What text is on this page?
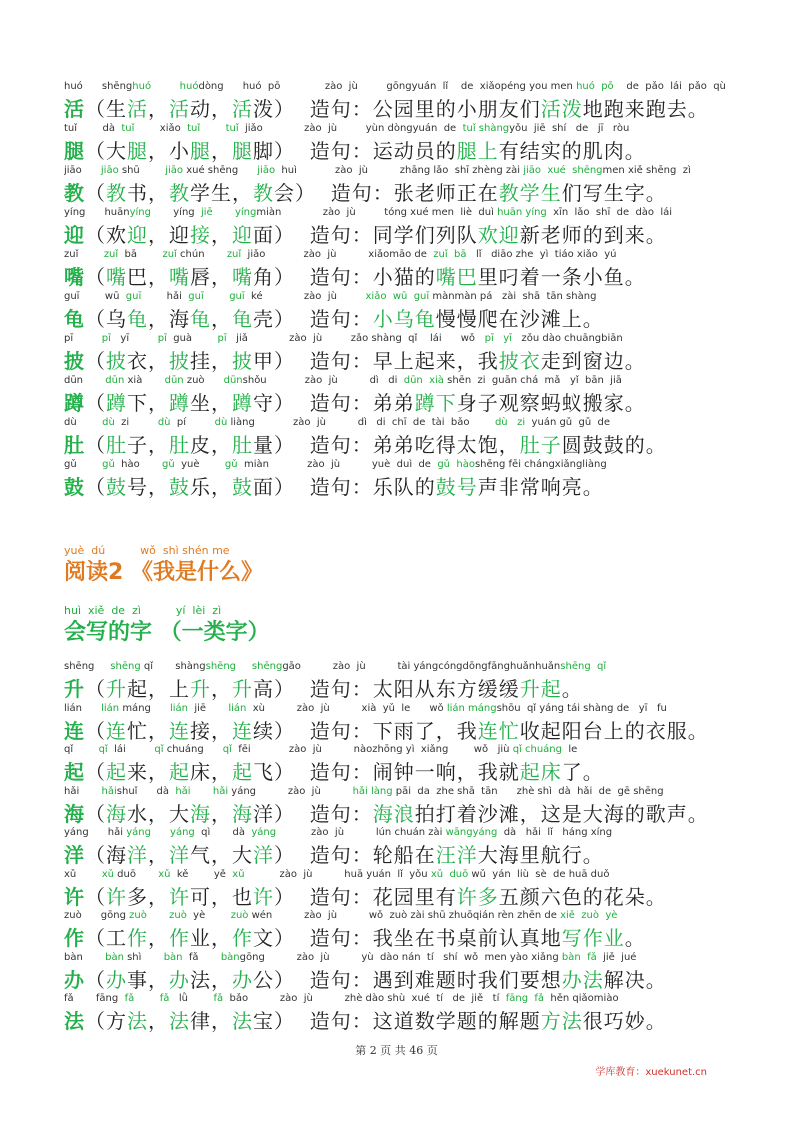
huó      shēnghuó         huódòng      huó  pō              zào  jù         gōngyuán  lǐ    de  xiǎopéng you men huó  pō    de  pǎo  lái  pǎo  qù
活（生活，活动，活泼）  造句：公园里的小朋友们活泼地跑来跑去。
tuǐ        dà  tuǐ        xiǎo  tuǐ	tuǐ  jiǎo             zào  jù         yùn dòngyuán  de  tuǐ shàngyǒu  jiē  shí   de   jī   ròu
腿（大腿，小腿，腿脚）  造句：运动员的腿上有结实的肌肉。
jiāo jiāo shū	jiāo xué shēng jiāo  huì            zào  jù          zhāng lǎo  shī zhèng zài jiāo  xué  shēngmen xiě shēng  zì
教（教书，教学生，教会）  造句：张老师正在教学生们写生字。
yíng      huānyíng       yíng  jiē yíngmiàn             zào  jù         tóng xué men  liè  duì huān yíng  xīn  lǎo  shī  de  dào  lái
迎（欢迎，迎接，迎面）  造句：同学们列队欢迎新老师的到来。
zuǐ	zuǐ  bā	zuǐ chún zuǐ  jiǎo            zào  jù          xiǎomāo de  zuǐ  bā   lǐ   diāo zhe  yì  tiáo xiǎo  yú
嘴（嘴巴，嘴唇，嘴角）  造句：小猫的嘴巴里叼着一条小鱼。
guī        wū  guī        hǎi  guī	guī  ké             zào  jù	xiǎo  wū  guī mànmàn pá   zài  shā  tān shàng
龟（乌龟，海龟，龟壳）  造句：小乌龟慢慢爬在沙滩上。
pī	pī   yī	pī  guà	pī   jiǎ             zào  jù         zǎo shàng  qǐ    lái      wǒ   pī   yī   zǒu dào chuāngbiān
披（披衣，披挂，披甲）  造句：早上起来，我披衣走到窗边。
dūn dūn xià dūn zuò dūnshǒu            zào  jù          dì   di  dūn  xià shēn  zi  guān chá  mǎ   yǐ  bān  jiā
蹲（蹲下，蹲坐，蹲守）  造句：弟弟蹲下身子观察蚂蚁搬家。
dù	dù  zi	dù  pí	dù liàng            zào  jù          dì   di  chī  de  tài  bǎo        dù   zi  yuán gǔ  gǔ  de
肚（肚子，肚皮，肚量）  造句：弟弟吃得太饱，肚子圆鼓鼓的。
gǔ	gǔ  hào gǔ  yuè	gǔ  miàn            zào  jù          yuè  duì  de  gǔ  hàoshēng fēi chángxiǎngliàng
鼓（鼓号，鼓乐，鼓面）  造句：乐队的鼓号声非常响亮。
yuè  dú          wǒ  shì shén me
阅读2 《我是什么》
huì  xiě  de  zì          yí  lèi  zì
会写的字 （一类字）
shēng shēng qǐ       shàngshēng shēnggāo          zào  jù          tài yángcóngdōngfānghuǎnhuǎnshēng  qǐ
升（升起，上升，升高）  造句：太阳从东方缓缓升起。
lián lián máng lián  jiē lián  xù          zào  jù          xià  yǔ  le      wǒ lián mángshōu  qǐ yáng tái shàng de   yī   fu
连（连忙，连接，连续）  造句：下雨了，我连忙收起阳台上的衣服。
qǐ	qǐ  lái	qǐ chuáng qǐ  fēi            zào  jù          nàozhōng yì  xiǎng        wǒ   jiù qǐ chuáng  le
起（起来，起床，起飞）  造句：闹钟一响，我就起床了。
hǎi hǎishuǐ      dà  hǎi hǎi yáng          zào  jù	hǎi làng pāi  da  zhe shā  tān      zhè shì  dà  hǎi  de  gē shēng
海（海水，大海，海洋）  造句：海浪拍打着沙滩，这是大海的歌声。
yáng      hǎi yáng yáng  qì       dà  yáng           zào  jù          lún chuán zài wāngyáng  dà   hǎi  lǐ   háng xíng
洋（海洋，洋气，大洋）  造句：轮船在汪洋大海里航行。
xǔ	xǔ duō xǔ  kě        yě  xǔ           zào  jù          huā yuán  lǐ  yǒu xǔ  duō wǔ  yán  liù  sè  de huā duǒ
许（许多，许可，也许）  造句：花园里有许多五颜六色的花朵。
zuò      gōng zuò zuò  yè	zuò wén          zào  jù          wǒ  zuò zài shū zhuōqián rèn zhēn de xiě  zuò  yè
作（工作，作业，作文）  造句：我坐在书桌前认真地写作业。
bàn bàn shì bàn  fǎ bàngōng          zào  jù          yù  dào nán  tí   shí  wǒ  men yào xiǎng bàn  fǎ  jiě  jué
办（办事，办法，办公）  造句：遇到难题时我们要想办法解决。
fǎ       fāng  fǎ	fǎ   lǜ	fǎ  bǎo          zào  jù          zhè dào shù  xué  tí   de  jiě   tí  fāng  fǎ  hěn qiǎomiào
法（方法，法律，法宝）  造句：这道数学题的解题方法很巧妙。
第 2 页 共 46 页
学库教育：xuekunet.cn
